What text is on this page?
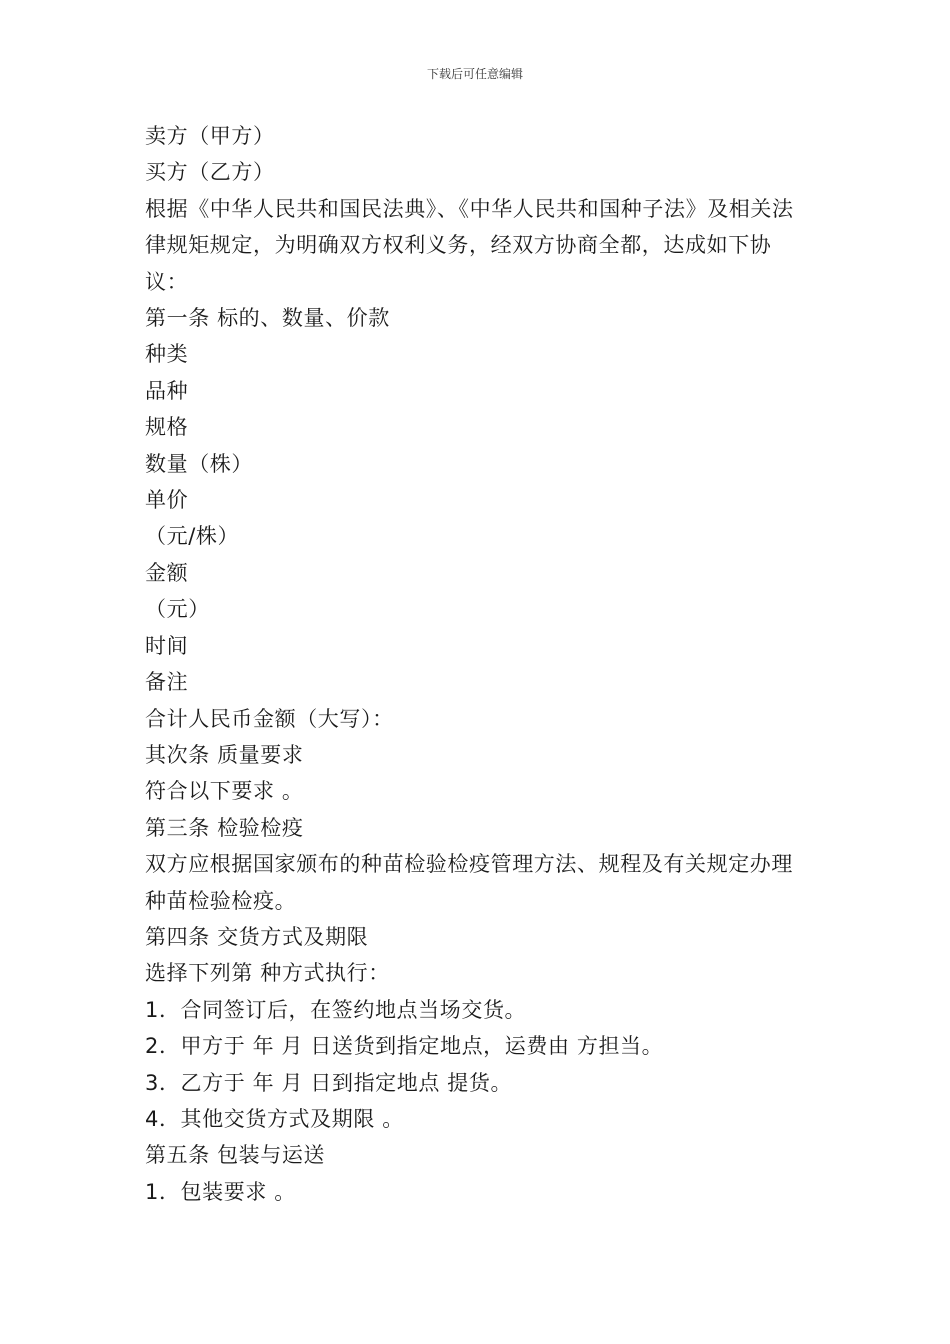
下载后可任意编辑
卖方（甲方）
买方（乙方）
根据《中华人民共和国民法典》、《中华人民共和国种子法》及相关法律规矩规定，为明确双方权利义务，经双方协商全都，达成如下协议：
第一条 标的、数量、价款
种类
品种
规格
数量（株）
单价
（元/株）
金额
（元）
时间
备注
合计人民币金额（大写）：
其次条 质量要求
符合以下要求 。
第三条 检验检疫
双方应根据国家颁布的种苗检验检疫管理方法、规程及有关规定办理种苗检验检疫。
第四条 交货方式及期限
选择下列第 种方式执行：
1．合同签订后，在签约地点当场交货。
2．甲方于 年 月 日送货到指定地点，运费由 方担当。
3．乙方于 年 月 日到指定地点 提货。
4．其他交货方式及期限 。
第五条 包装与运送
1．包装要求 。
